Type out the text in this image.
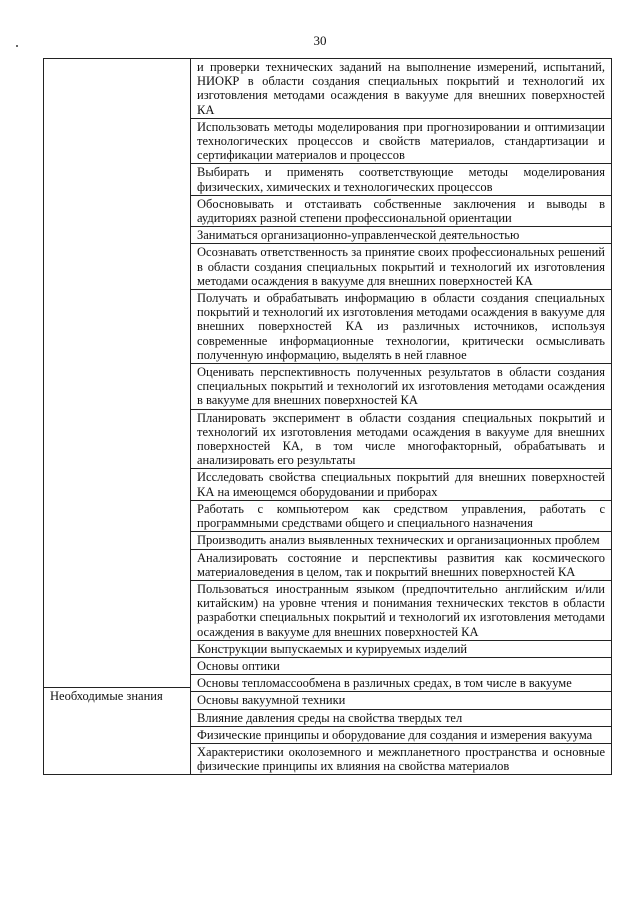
30
Необходимые знания
и проверки технических заданий на выполнение измерений, испытаний, НИОКР в области создания специальных покрытий и технологий их изготовления методами осаждения в вакууме для внешних поверхностей КА
Использовать методы моделирования при прогнозировании и оптимизации технологических процессов и свойств материалов, стандартизации и сертификации материалов и процессов
Выбирать и применять соответствующие методы моделирования физических, химических и технологических процессов
Обосновывать и отстаивать собственные заключения и выводы в аудиториях разной степени профессиональной ориентации
Заниматься организационно-управленческой деятельностью
Осознавать ответственность за принятие своих профессиональных решений в области создания специальных покрытий и технологий их изготовления методами осаждения в вакууме для внешних поверхностей КА
Получать и обрабатывать информацию в области создания специальных покрытий и технологий их изготовления методами осаждения в вакууме для внешних поверхностей КА из различных источников, используя современные информационные технологии, критически осмысливать полученную информацию, выделять в ней главное
Оценивать перспективность полученных результатов в области создания специальных покрытий и технологий их изготовления методами осаждения в вакууме для внешних поверхностей КА
Планировать эксперимент в области создания специальных покрытий и технологий их изготовления методами осаждения в вакууме для внешних поверхностей КА, в том числе многофакторный, обрабатывать и анализировать его результаты
Исследовать свойства специальных покрытий для внешних поверхностей КА на имеющемся оборудовании и приборах
Работать с компьютером как средством управления, работать с программными средствами общего и специального назначения
Производить анализ выявленных технических и организационных проблем
Анализировать состояние и перспективы развития как космического материаловедения в целом, так и покрытий внешних поверхностей КА
Пользоваться иностранным языком (предпочтительно английским и/или китайским) на уровне чтения и понимания технических текстов в области разработки специальных покрытий и технологий их изготовления методами осаждения в вакууме для внешних поверхностей КА
Конструкции выпускаемых и курируемых изделий
Основы оптики
Основы тепломассообмена в различных средах, в том числе в вакууме
Основы вакуумной техники
Влияние давления среды на свойства твердых тел
Физические принципы и оборудование для создания и измерения вакуума
Характеристики околоземного и межпланетного пространства и основные физические принципы их влияния на свойства материалов
